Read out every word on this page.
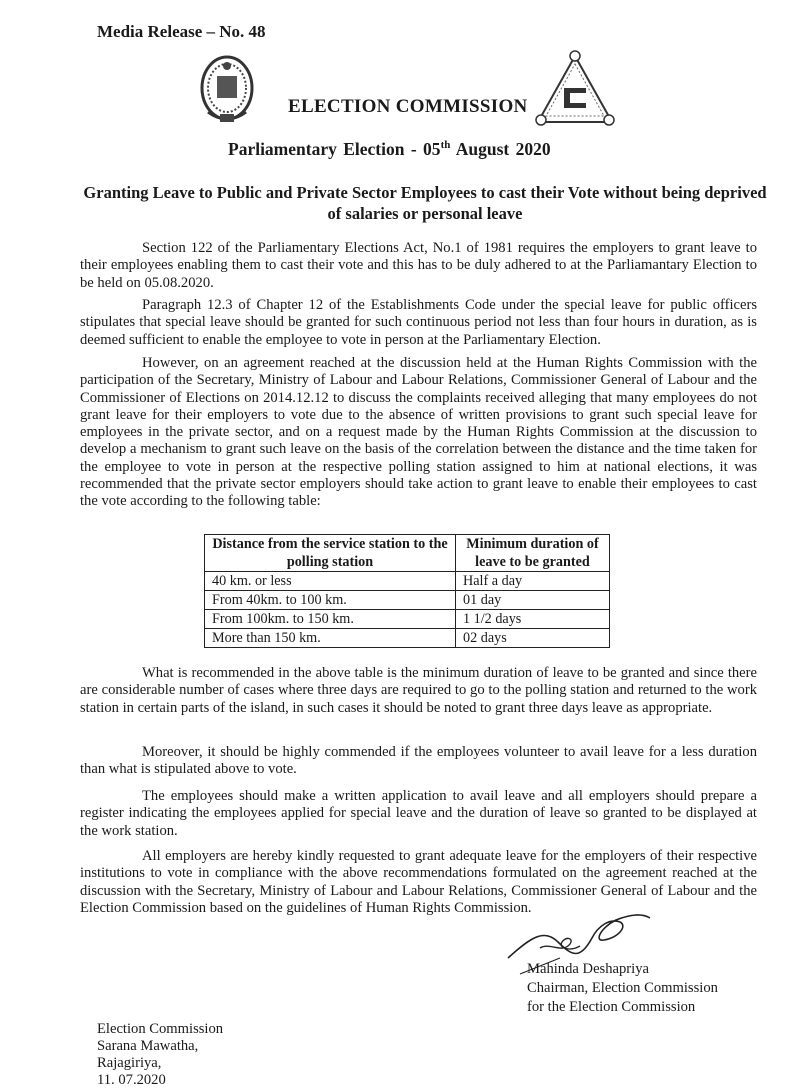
Media Release – No. 48
ELECTION COMMISSION
Parliamentary Election - 05th August 2020
Granting Leave to Public and Private Sector Employees to cast their Vote without being deprived of salaries or personal leave

Section 122 of the Parliamentary Elections Act, No.1 of 1981 requires the employers to grant leave to their employees enabling them to cast their vote and this has to be duly adhered to at the Parliamantary Election to be held on 05.08.2020.

Paragraph 12.3 of Chapter 12 of the Establishments Code under the special leave for public officers stipulates that special leave should be granted for such continuous period not less than four hours in duration, as is deemed sufficient to enable the employee to vote in person at the Parliamentary Election.

However, on an agreement reached at the discussion held at the Human Rights Commission with the participation of the Secretary, Ministry of Labour and Labour Relations, Commissioner General of Labour and the Commissioner of Elections on 2014.12.12 to discuss the complaints received alleging that many employees do not grant leave for their employers to vote due to the absence of written provisions to grant such special leave for employees in the private sector, and on a request made by the Human Rights Commission at the discussion to develop a mechanism to grant such leave on the basis of the correlation between the distance and the time taken for the employee to vote in person at the respective polling station assigned to him at national elections, it was recommended that the private sector employers should take action to grant leave to enable their employees to cast the vote according to the following table:

Distance from the service station to the polling station	Minimum duration of leave to be granted
40 km. or less	Half a day
From 40km. to 100 km.	01 day
From 100km. to 150 km.	1 1/2 days
More than 150 km.	02 days

What is recommended in the above table is the minimum duration of leave to be granted and since there are considerable number of cases where three days are required to go to the polling station and returned to the work station in certain parts of the island, in such cases it should be noted to grant three days leave as appropriate.

Moreover, it should be highly commended if the employees volunteer to avail leave for a less duration than what is stipulated above to vote.

The employees should make a written application to avail leave and all employers should prepare a register indicating the employees applied for special leave and the duration of leave so granted to be displayed at the work station.

All employers are hereby kindly requested to grant adequate leave for the employers of their respective institutions to vote in compliance with the above recommendations formulated on the agreement reached at the discussion with the Secretary, Ministry of Labour and Labour Relations, Commissioner General of Labour and the Election Commission based on the guidelines of Human Rights Commission.

Mahinda Deshapriya
Chairman, Election Commission
for the Election Commission
Election Commission
Sarana Mawatha,
Rajagiriya,
11. 07.2020
